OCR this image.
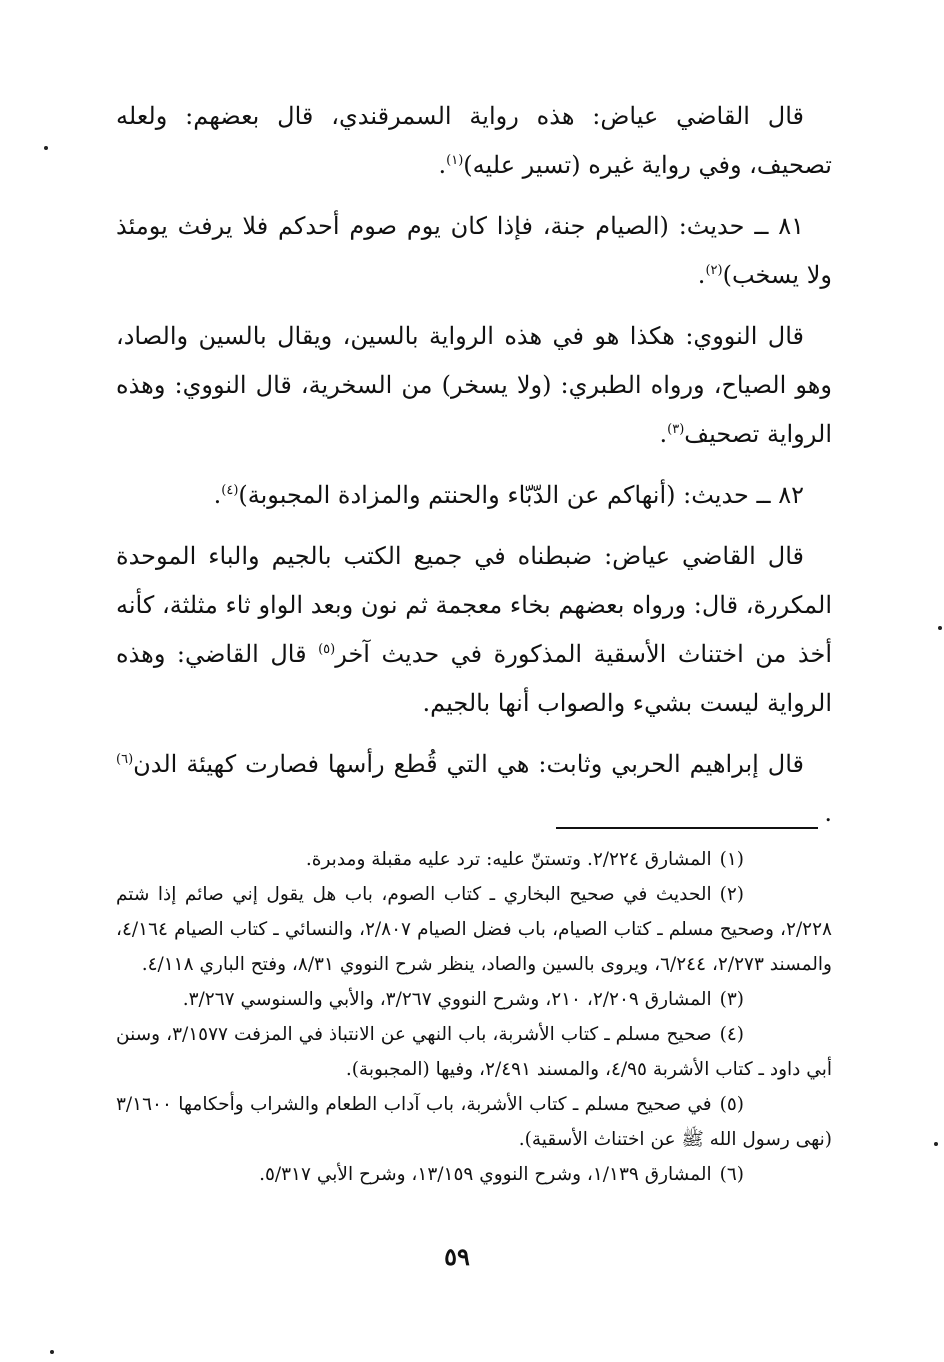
قال القاضي عياض: هذه رواية السمرقندي، قال بعضهم: ولعله تصحيف، وفي رواية غيره (تسير عليه)$^{(١)}$.

٨١ ــ حديث: (الصيام جنة، فإذا كان يوم صوم أحدكم فلا يرفث يومئذ ولا يسخب)$^{(٢)}$.

قال النووي: هكذا هو في هذه الرواية بالسين، ويقال بالسين والصاد، وهو الصياح، ورواه الطبري: (ولا يسخر) من السخرية، قال النووي: وهذه الرواية تصحيف$^{(٣)}$.

٨٢ ــ حديث: (أنهاكم عن الدّبّاء والحنتم والمزادة المجبوبة)$^{(٤)}$.

قال القاضي عياض: ضبطناه في جميع الكتب بالجيم والباء الموحدة المكررة، قال: ورواه بعضهم بخاء معجمة ثم نون وبعد الواو ثاء مثلثة، كأنه أخذ من اختناث الأسقية المذكورة في حديث آخر$^{(٥)}$ قال القاضي: وهذه الرواية ليست بشيء والصواب أنها بالجيم.

قال إبراهيم الحربي وثابت: هي التي قُطع رأسها فصارت كهيئة الدن$^{(٦)}$ .

(١)المشارق ٢/٢٢٤. وتستنّ عليه: ترد عليه مقبلة ومدبرة.

(٢)الحديث في صحيح البخاري ـ كتاب الصوم، باب هل يقول إني صائم إذا شتم ٢/٢٢٨، وصحيح مسلم ـ كتاب الصيام، باب فضل الصيام ٢/٨٠٧، والنسائي ـ كتاب الصيام ٤/١٦٤، والمسند ٢/٢٧٣، ٦/٢٤٤، ويروى بالسين والصاد، ينظر شرح النووي ٨/٣١، وفتح الباري ٤/١١٨.

(٣)المشارق ٢/٢٠٩، ٢١٠، وشرح النووي ٣/٢٦٧، والأبي والسنوسي ٣/٢٦٧.

(٤)صحيح مسلم ـ كتاب الأشربة، باب النهي عن الانتباذ في المزفت ٣/١٥٧٧، وسنن أبي داود ـ كتاب الأشربة ٤/٩٥، والمسند ٢/٤٩١، وفيها (المجبوبة).

(٥)في صحيح مسلم ـ كتاب الأشربة، باب آداب الطعام والشراب وأحكامها ٣/١٦٠٠ (نهى رسول الله ﷺ عن اختناث الأسقية).

(٦)المشارق ١/١٣٩، وشرح النووي ١٣/١٥٩، وشرح الأبي ٥/٣١٧.

٥٩
